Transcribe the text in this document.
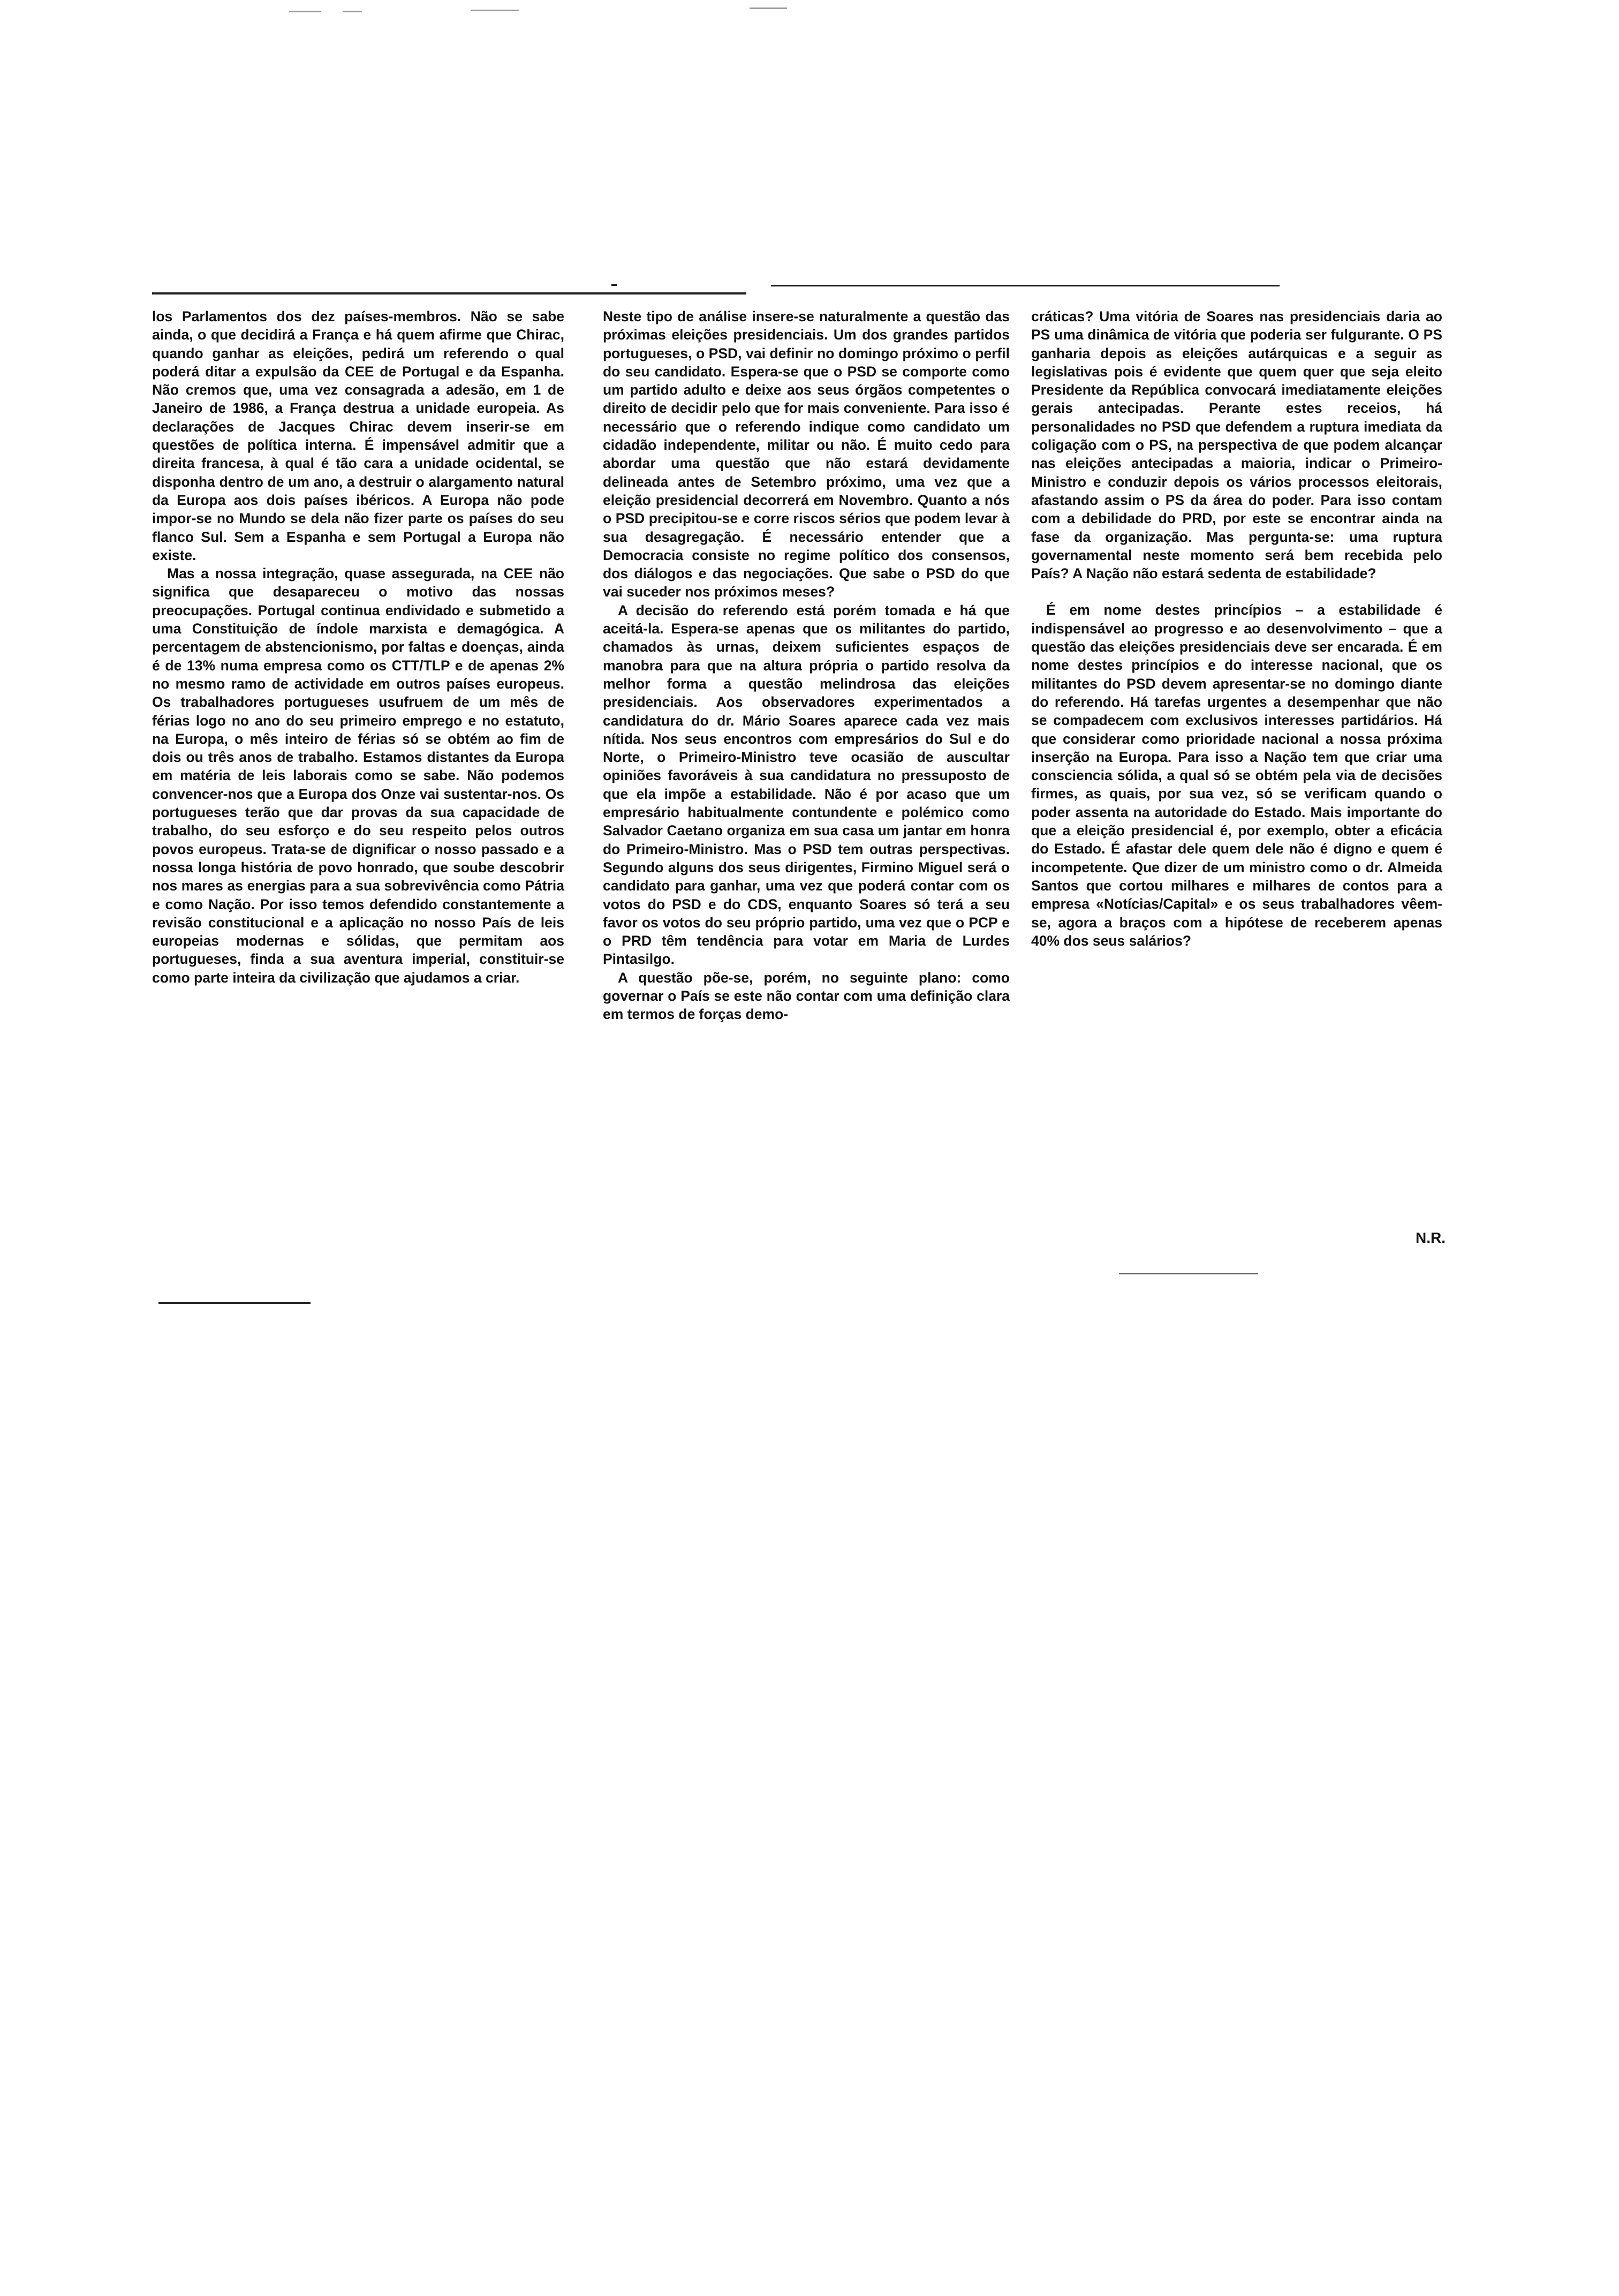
los Parlamentos dos dez países-membros. Não se sabe ainda, o que decidirá a França e há quem afirme que Chirac, quando ganhar as eleições, pedirá um referendo o qual poderá ditar a expulsão da CEE de Portugal e da Espanha. Não cremos que, uma vez consagrada a adesão, em 1 de Janeiro de 1986, a França destrua a unidade europeia. As declarações de Jacques Chirac devem inserir-se em questões de política interna. É impensável admitir que a direita francesa, à qual é tão cara a unidade ocidental, se disponha dentro de um ano, a destruir o alargamento natural da Europa aos dois países ibéricos. A Europa não pode impor-se no Mundo se dela não fizer parte os países do seu flanco Sul. Sem a Espanha e sem Portugal a Europa não existe.

Mas a nossa integração, quase assegurada, na CEE não significa que desapareceu o motivo das nossas preocupações. Portugal continua endividado e submetido a uma Constituição de índole marxista e demagógica. A percentagem de abstencionismo, por faltas e doenças, ainda é de 13% numa empresa como os CTT/TLP e de apenas 2% no mesmo ramo de actividade em outros países europeus. Os trabalhadores portugueses usufruem de um mês de férias logo no ano do seu primeiro emprego e no estatuto, na Europa, o mês inteiro de férias só se obtém ao fim de dois ou três anos de trabalho. Estamos distantes da Europa em matéria de leis laborais como se sabe. Não podemos convencer-nos que a Europa dos Onze vai sustentar-nos. Os portugueses terão que dar provas da sua capacidade de trabalho, do seu esforço e do seu respeito pelos outros povos europeus. Trata-se de dignificar o nosso passado e a nossa longa história de povo honrado, que soube descobrir nos mares as energias para a sua sobrevivência como Pátria e como Nação. Por isso temos defendido constantemente a revisão constitucional e a aplicação no nosso País de leis europeias modernas e sólidas, que permitam aos portugueses, finda a sua aventura imperial, constituir-se como parte inteira da civilização que ajudamos a criar.

Neste tipo de análise insere-se naturalmente a questão das próximas eleições presidenciais. Um dos grandes partidos portugueses, o PSD, vai definir no domingo próximo o perfil do seu candidato. Espera-se que o PSD se comporte como um partido adulto e deixe aos seus órgãos competentes o direito de decidir pelo que for mais conveniente. Para isso é necessário que o referendo indique como candidato um cidadão independente, militar ou não. É muito cedo para abordar uma questão que não estará devidamente delineada antes de Setembro próximo, uma vez que a eleição presidencial decorrerá em Novembro. Quanto a nós o PSD precipitou-se e corre riscos sérios que podem levar à sua desagregação. É necessário entender que a Democracia consiste no regime político dos consensos, dos diálogos e das negociações. Que sabe o PSD do que vai suceder nos próximos meses?

A decisão do referendo está porém tomada e há que aceitá-la. Espera-se apenas que os militantes do partido, chamados às urnas, deixem suficientes espaços de manobra para que na altura própria o partido resolva da melhor forma a questão melindrosa das eleições presidenciais. Aos observadores experimentados a candidatura do dr. Mário Soares aparece cada vez mais nítida. Nos seus encontros com empresários do Sul e do Norte, o Primeiro-Ministro teve ocasião de auscultar opiniões favoráveis à sua candidatura no pressuposto de que ela impõe a estabilidade. Não é por acaso que um empresário habitualmente contundente e polémico como Salvador Caetano organiza em sua casa um jantar em honra do Primeiro-Ministro. Mas o PSD tem outras perspectivas. Segundo alguns dos seus dirigentes, Firmino Miguel será o candidato para ganhar, uma vez que poderá contar com os votos do PSD e do CDS, enquanto Soares só terá a seu favor os votos do seu próprio partido, uma vez que o PCP e o PRD têm tendência para votar em Maria de Lurdes Pintasilgo.

A questão põe-se, porém, no seguinte plano: como governar o País se este não contar com uma definição clara em termos de forças demo-

cráticas? Uma vitória de Soares nas presidenciais daria ao PS uma dinâmica de vitória que poderia ser fulgurante. O PS ganharia depois as eleições autárquicas e a seguir as legislativas pois é evidente que quem quer que seja eleito Presidente da República convocará imediatamente eleições gerais antecipadas. Perante estes receios, há personalidades no PSD que defendem a ruptura imediata da coligação com o PS, na perspectiva de que podem alcançar nas eleições antecipadas a maioria, indicar o Primeiro-Ministro e conduzir depois os vários processos eleitorais, afastando assim o PS da área do poder. Para isso contam com a debilidade do PRD, por este se encontrar ainda na fase da organização. Mas pergunta-se: uma ruptura governamental neste momento será bem recebida pelo País? A Nação não estará sedenta de estabilidade?

É em nome destes princípios – a estabilidade é indispensável ao progresso e ao desenvolvimento – que a questão das eleições presidenciais deve ser encarada. É em nome destes princípios e do interesse nacional, que os militantes do PSD devem apresentar-se no domingo diante do referendo. Há tarefas urgentes a desempenhar que não se compadecem com exclusivos interesses partidários. Há que considerar como prioridade nacional a nossa próxima inserção na Europa. Para isso a Nação tem que criar uma consciencia sólida, a qual só se obtém pela via de decisões firmes, as quais, por sua vez, só se verificam quando o poder assenta na autoridade do Estado. Mais importante do que a eleição presidencial é, por exemplo, obter a eficácia do Estado. É afastar dele quem dele não é digno e quem é incompetente. Que dizer de um ministro como o dr. Almeida Santos que cortou milhares e milhares de contos para a empresa «Notícias/Capital» e os seus trabalhadores vêem-se, agora a braços com a hipótese de receberem apenas 40% dos seus salários?

N.R.
